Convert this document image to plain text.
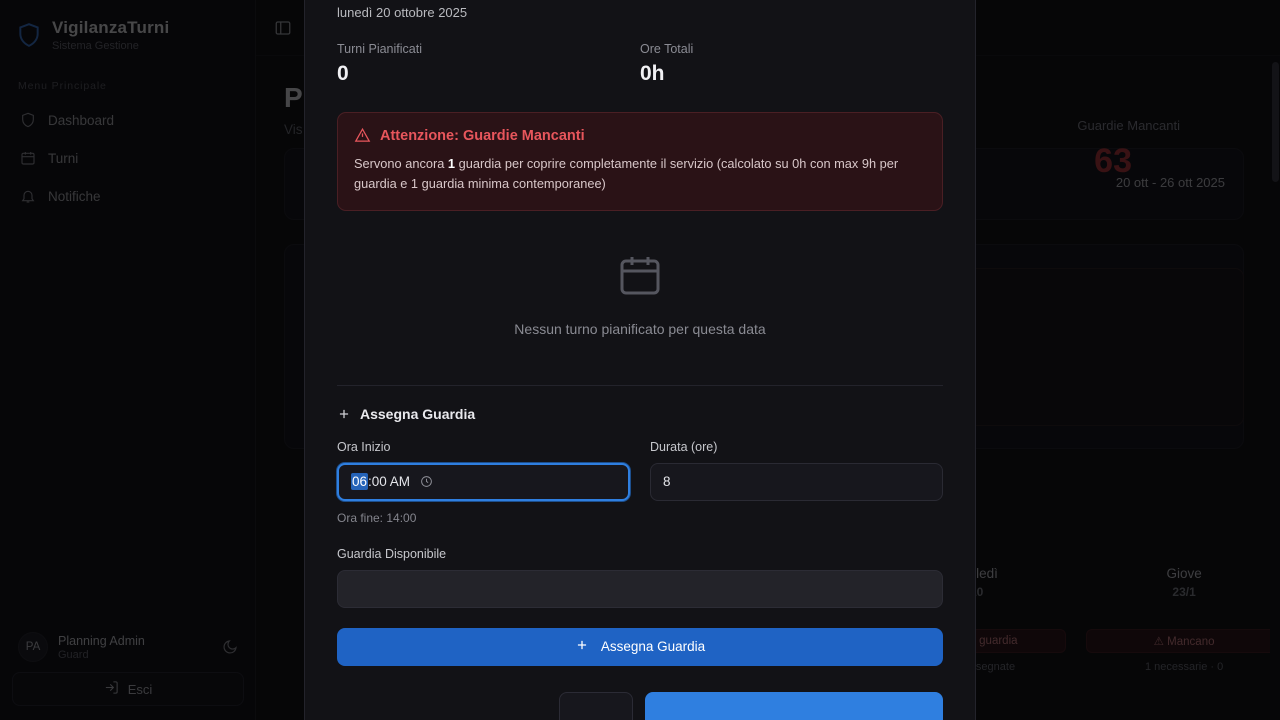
lunedì 20 ottobre 2025
Turni Pianificati
0
Ore Totali
0h
Attenzione: Guardie Mancanti
Servono ancora 1 guardia per coprire completamente il servizio (calcolato su 0h con max 9h per guardia e 1 guardia minima contemporanee)
Nessun turno pianificato per questa data
Assegna Guardia
Ora Inizio
06 :00 AM
Durata (ore)
8
Ora fine: 14:00
Guardia Disponibile
Assegna Guardia
